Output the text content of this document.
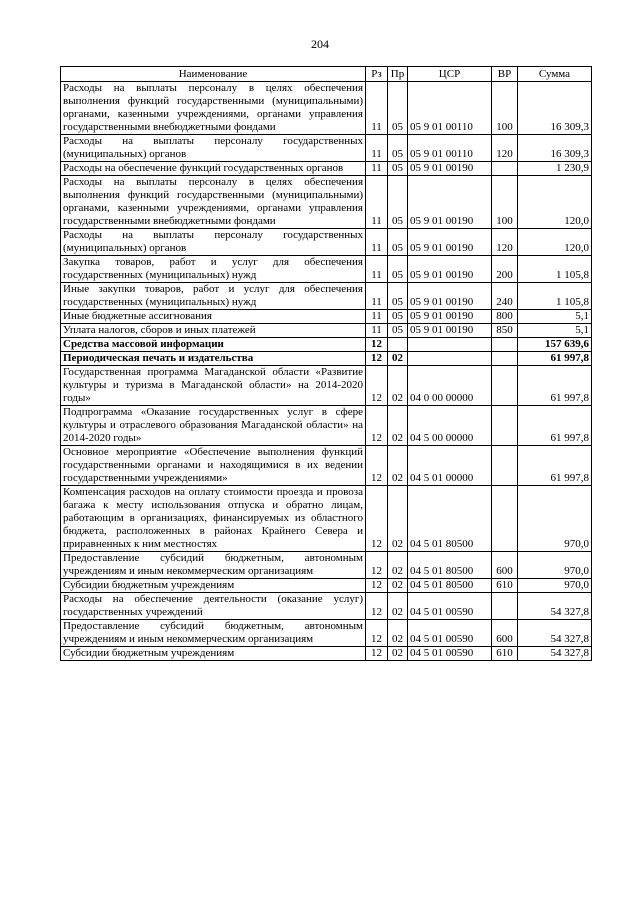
204
Наименование	Рз	Пр	ЦСР	ВР	Сумма
Расходы на выплаты персоналу в целях обеспечения выполнения функций государственными (муниципальными) органами, казенными учреждениями, органами управления государственными внебюджетными фондами	11	05	05 9 01 00110	100	16 309,3
Расходы на выплаты персоналу государственных (муниципальных) органов	11	05	05 9 01 00110	120	16 309,3
Расходы на обеспечение функций государственных органов	11	05	05 9 01 00190		1 230,9
Расходы на выплаты персоналу в целях обеспечения выполнения функций государственными (муниципальными) органами, казенными учреждениями, органами управления государственными внебюджетными фондами	11	05	05 9 01 00190	100	120,0
Расходы на выплаты персоналу государственных (муниципальных) органов	11	05	05 9 01 00190	120	120,0
Закупка товаров, работ и услуг для обеспечения государственных (муниципальных) нужд	11	05	05 9 01 00190	200	1 105,8
Иные закупки товаров, работ и услуг для обеспечения государственных (муниципальных) нужд	11	05	05 9 01 00190	240	1 105,8
Иные бюджетные ассигнования	11	05	05 9 01 00190	800	5,1
Уплата налогов, сборов и иных платежей	11	05	05 9 01 00190	850	5,1
Средства массовой информации	12				157 639,6
Периодическая печать и издательства	12	02			61 997,8
Государственная программа Магаданской области «Развитие культуры и туризма в Магаданской области» на 2014-2020 годы»	12	02	04 0 00 00000		61 997,8
Подпрограмма «Оказание государственных услуг в сфере культуры и отраслевого образования Магаданской области» на 2014-2020 годы»	12	02	04 5 00 00000		61 997,8
Основное мероприятие «Обеспечение выполнения функций государственными органами и находящимися в их ведении государственными учреждениями»	12	02	04 5 01 00000		61 997,8
Компенсация расходов на оплату стоимости проезда и провоза багажа к месту использования отпуска и обратно лицам, работающим в организациях, финансируемых из областного бюджета, расположенных в районах Крайнего Севера и приравненных к ним местностях	12	02	04 5 01 80500		970,0
Предоставление субсидий бюджетным, автономным учреждениям и иным некоммерческим организациям	12	02	04 5 01 80500	600	970,0
Субсидии бюджетным учреждениям	12	02	04 5 01 80500	610	970,0
Расходы на обеспечение деятельности (оказание услуг) государственных учреждений	12	02	04 5 01 00590		54 327,8
Предоставление субсидий бюджетным, автономным учреждениям и иным некоммерческим организациям	12	02	04 5 01 00590	600	54 327,8
Субсидии бюджетным учреждениям	12	02	04 5 01 00590	610	54 327,8
